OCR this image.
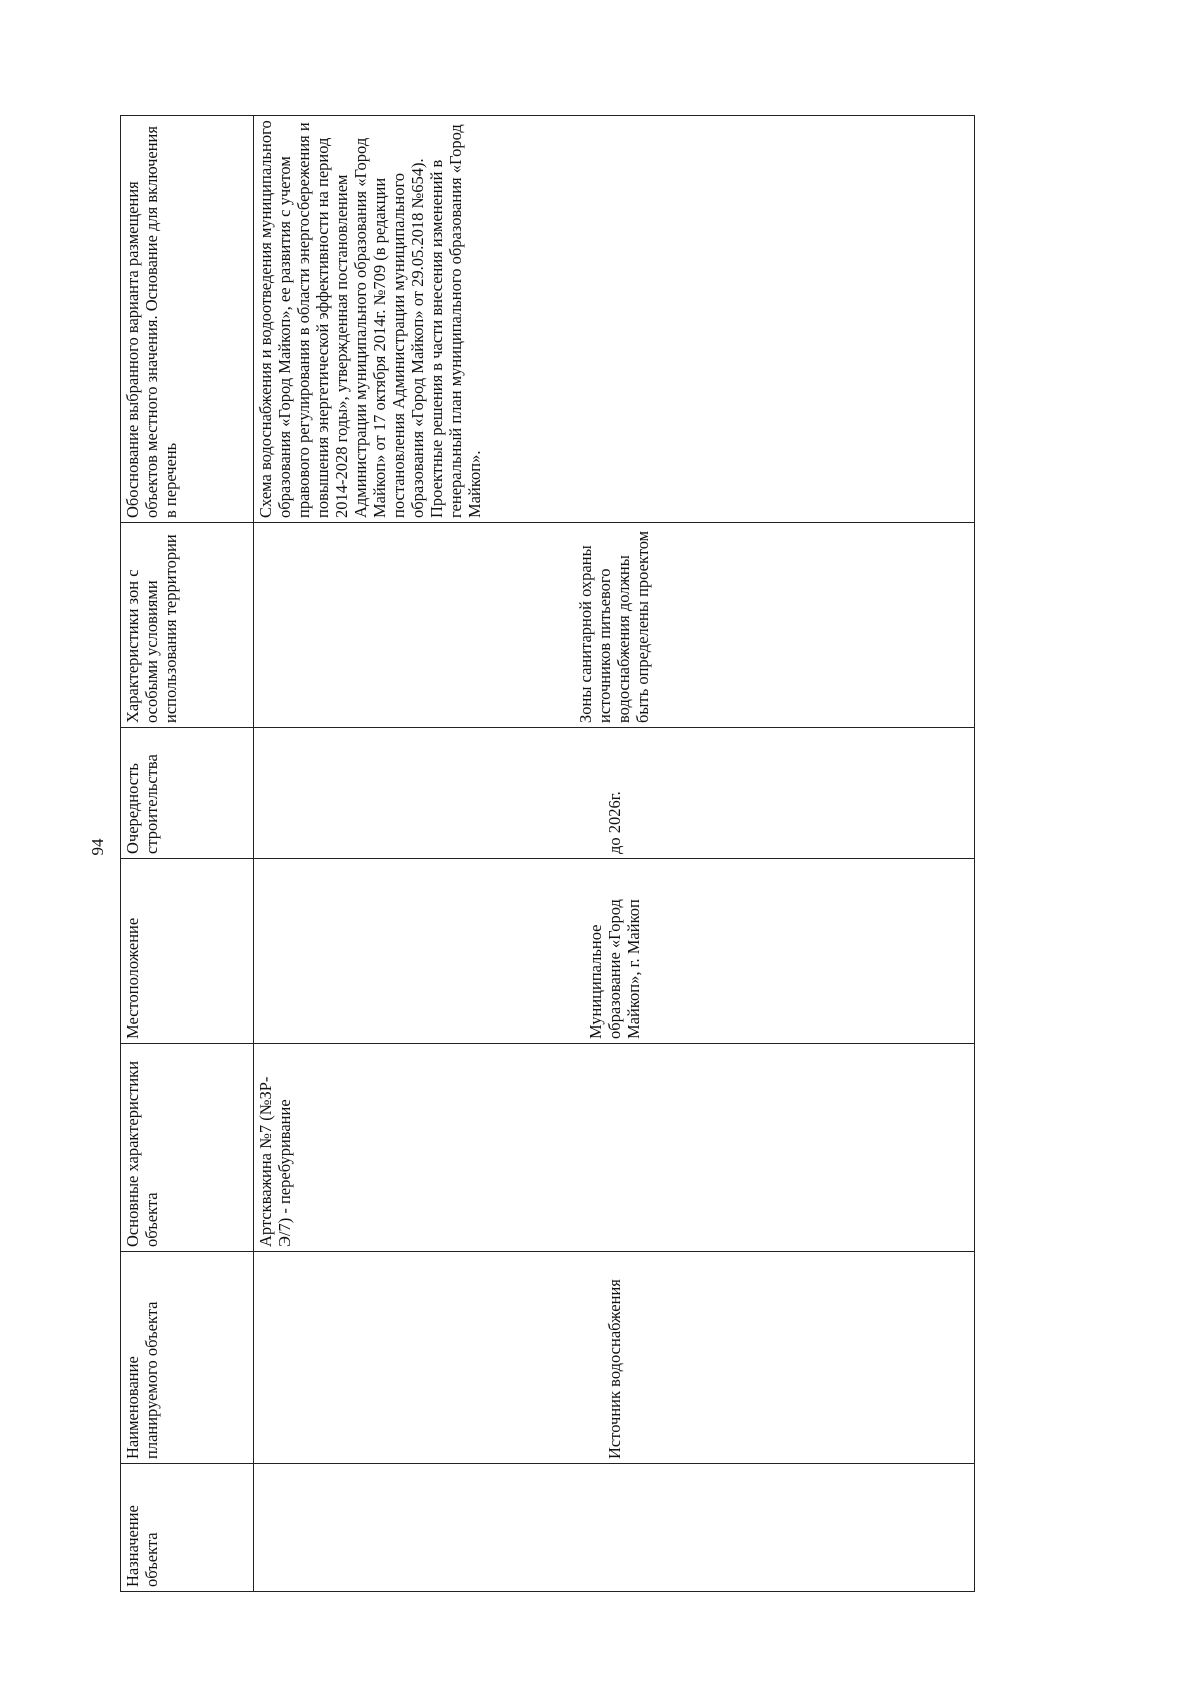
94
Назначение объекта	Наименование планируемого объекта	Основные характеристики объекта	Местоположение	Очередность строительства	Характеристики зон с особыми условиями использования территории	Обоснование выбранного варианта размещения объектов местного значения. Основание для включения в перечень
	Источник водоснабжения	Артскважина №7 (№ЗР-Э/7) - перебуривание	Муниципальное образование «Город Майкоп», г. Майкоп	до 2026г.	Зоны санитарной охраны источников питьевого водоснабжения должны быть определены проектом	Схема водоснабжения и водоотведения муниципального образования «Город Майкоп», ее развития с учетом правового регулирования в области энергосбережения и повышения энергетической эффективности на период 2014-2028 годы», утвержденная постановлением Администрации муниципального образования «Город Майкоп» от 17 октября 2014г. №709 (в редакции постановления Администрации муниципального образования «Город Майкоп» от 29.05.2018 №654). Проектные решения в части внесения изменений в генеральный план муниципального образования «Город Майкоп».
